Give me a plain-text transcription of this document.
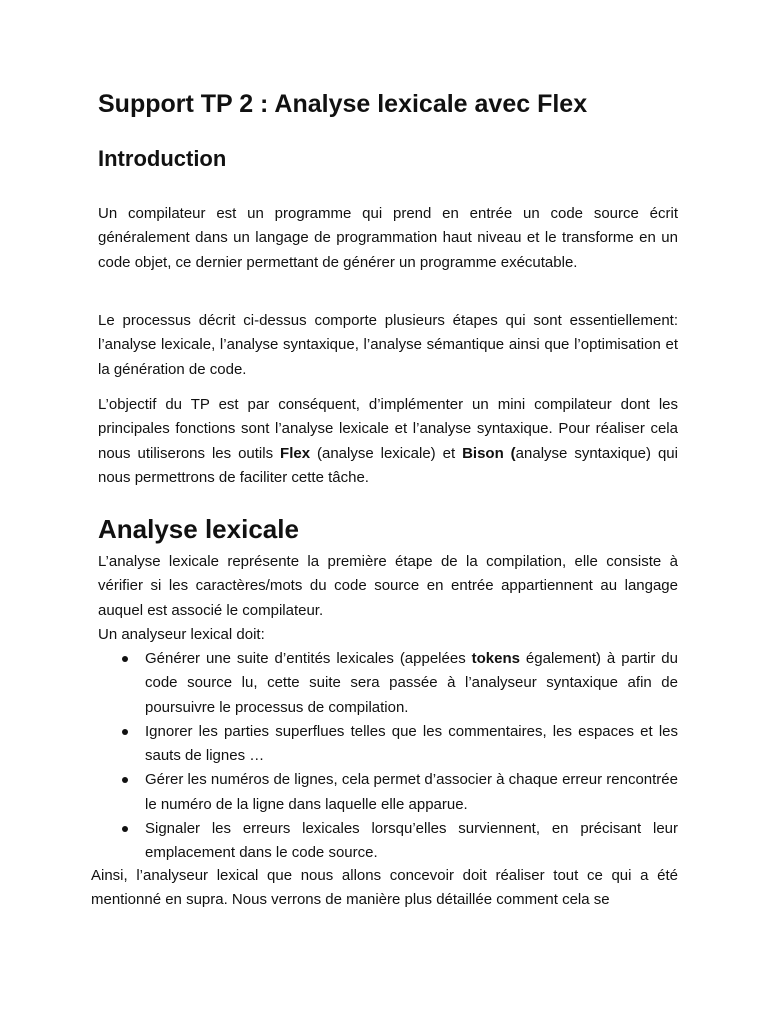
Support TP 2 : Analyse lexicale avec Flex
Introduction

Un compilateur est un programme qui prend en entrée un code source écrit généralement dans un langage de programmation haut niveau et le transforme en un code objet, ce dernier permettant de générer un programme exécutable.

Le processus décrit ci-dessus comporte plusieurs étapes qui sont essentiellement: l’analyse lexicale, l’analyse syntaxique, l’analyse sémantique ainsi que l’optimisation et la génération de code.

L’objectif du TP est par conséquent, d’implémenter un mini compilateur dont les principales fonctions sont l’analyse lexicale et l’analyse syntaxique. Pour réaliser cela nous utiliserons les outils Flex (analyse lexicale) et Bison (analyse syntaxique) qui nous permettrons de faciliter cette tâche.

Analyse lexicale

L’analyse lexicale représente la première étape de la compilation, elle consiste à vérifier si les caractères/mots du code source en entrée appartiennent au langage auquel est associé le compilateur.

Un analyseur lexical doit:

Générer une suite d’entités lexicales (appelées tokens également) à partir du code source lu, cette suite sera passée à l’analyseur syntaxique afin de poursuivre le processus de compilation.
Ignorer les parties superflues telles que les commentaires, les espaces et les sauts de lignes …
Gérer les numéros de lignes, cela permet d’associer à chaque erreur rencontrée le numéro de la ligne dans laquelle elle apparue.
Signaler les erreurs lexicales lorsqu’elles surviennent, en précisant leur emplacement dans le code source.

Ainsi, l’analyseur lexical que nous allons concevoir doit réaliser tout ce qui a été mentionné en supra. Nous verrons de manière plus détaillée comment cela se
